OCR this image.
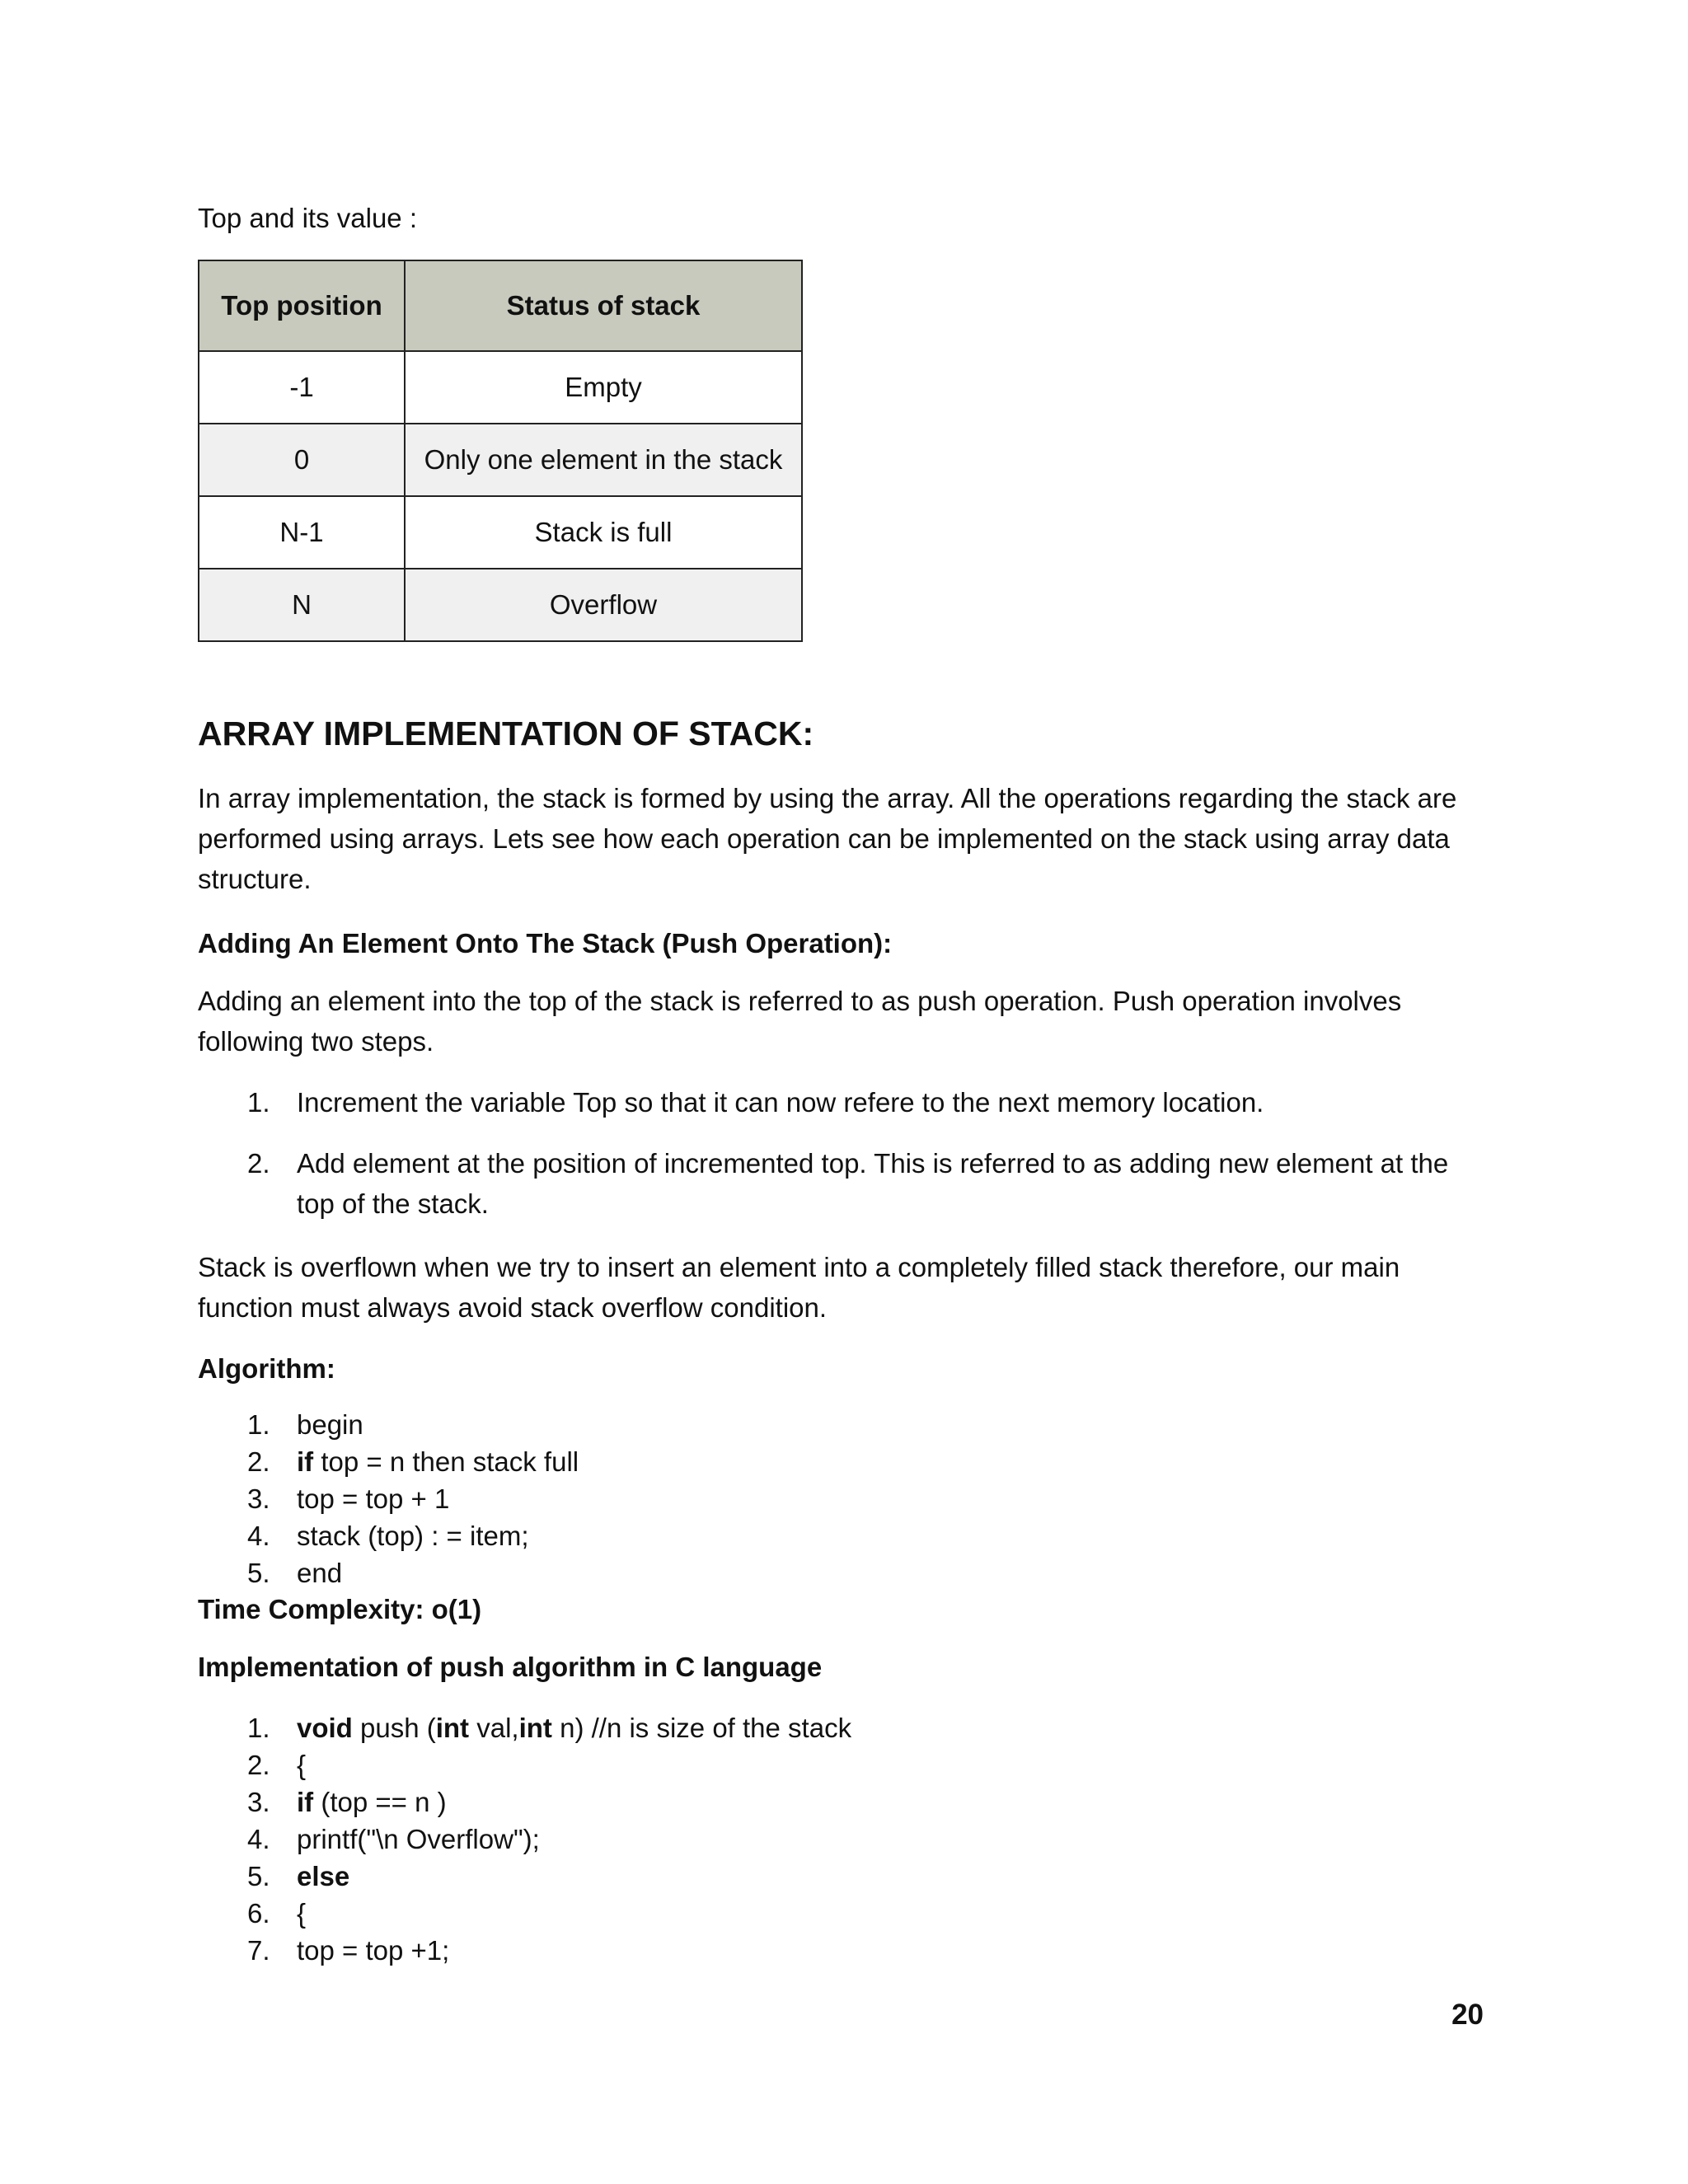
Top and its value :

Top position	Status of stack
-1	Empty
0	Only one element in the stack
N-1	Stack is full
N	Overflow
ARRAY IMPLEMENTATION OF STACK:

In array implementation, the stack is formed by using the array. All the operations regarding the stack are performed using arrays. Lets see how each operation can be implemented on the stack using array data structure.

Adding An Element Onto The Stack (Push Operation):

Adding an element into the top of the stack is referred to as push operation. Push operation involves following two steps.

1. Increment the variable Top so that it can now refere to the next memory location.
2. Add element at the position of incremented top. This is referred to as adding new element at the top of the stack.

Stack is overflown when we try to insert an element into a completely filled stack therefore, our main function must always avoid stack overflow condition.

Algorithm:

1. begin
2. if top = n then stack full
3. top = top + 1
4. stack (top) : = item;
5. end

Time Complexity: o(1)

Implementation of push algorithm in C language

1. void push (int val,int n) //n is size of the stack
2. {
3. if (top == n )
4. printf("\n Overflow");
5. else
6. {
7. top = top +1;
20
